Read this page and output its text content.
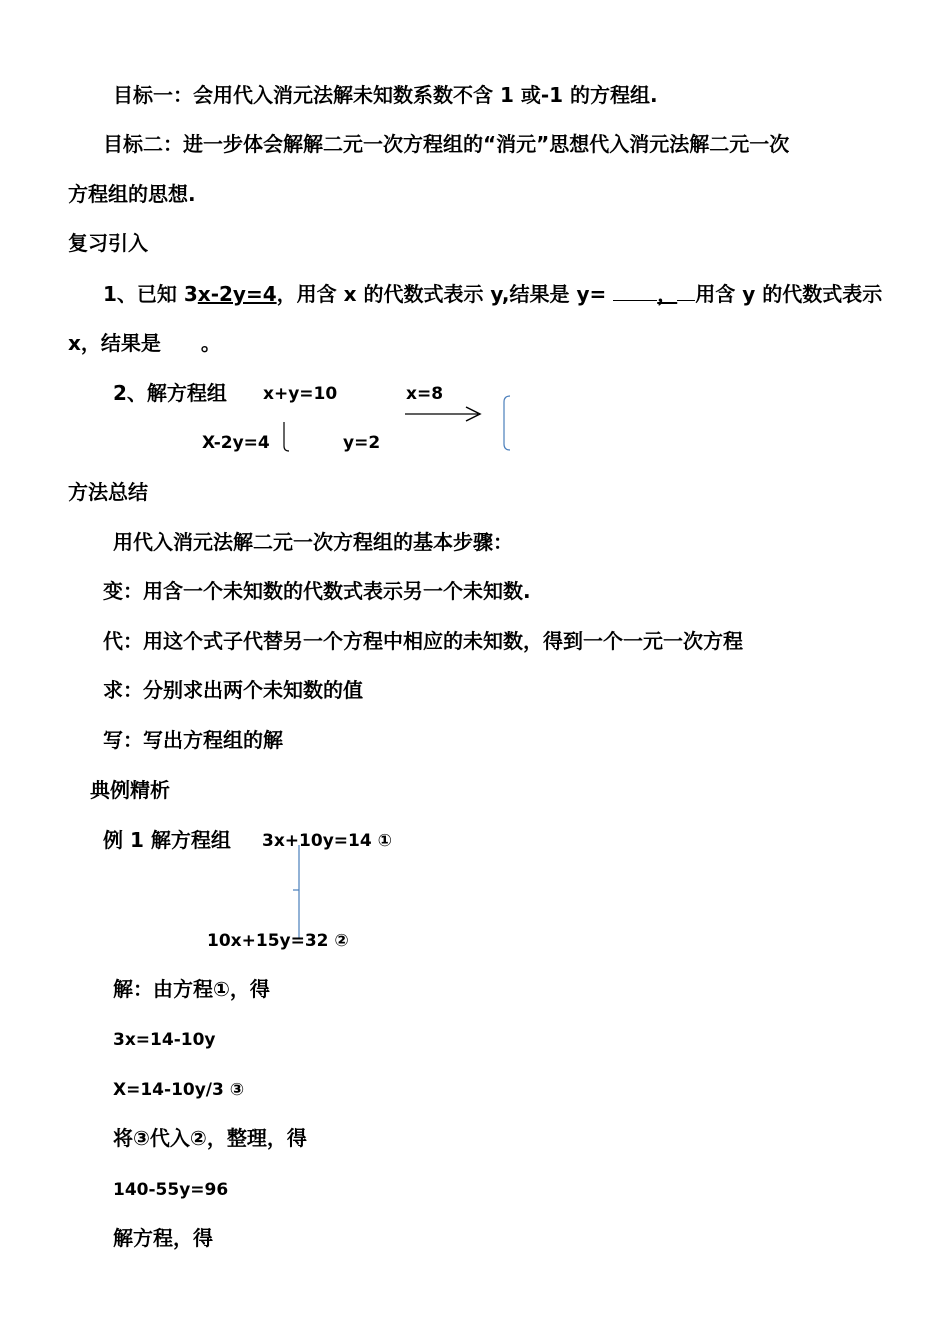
目标一：会用代入消元法解未知数系数不含 1 或-1 的方程组.
目标二：进一步体会解解二元一次方程组的“消元”思想代入消元法解二元一次
方程组的思想.
复习引入
1、已知 3x-2y=4，用含 x 的代数式表示 y,结果是 y=	， 用含 y 的代数式表示
x，结果是　　。
2、解方程组 x+y=10
X-2y=4
x=8
y=2
方法总结
用代入消元法解二元一次方程组的基本步骤：
变：用含一个未知数的代数式表示另一个未知数.
代：用这个式子代替另一个方程中相应的未知数，得到一个一元一次方程
求：分别求出两个未知数的值
写：写出方程组的解
典例精析
例 1 解方程组 3x+10y=14 ①
10x+15y=32 ②
解：由方程①，得
3x=14-10y
X=14-10y/3 ③
将③代入②，整理，得
140-55y=96
解方程，得
